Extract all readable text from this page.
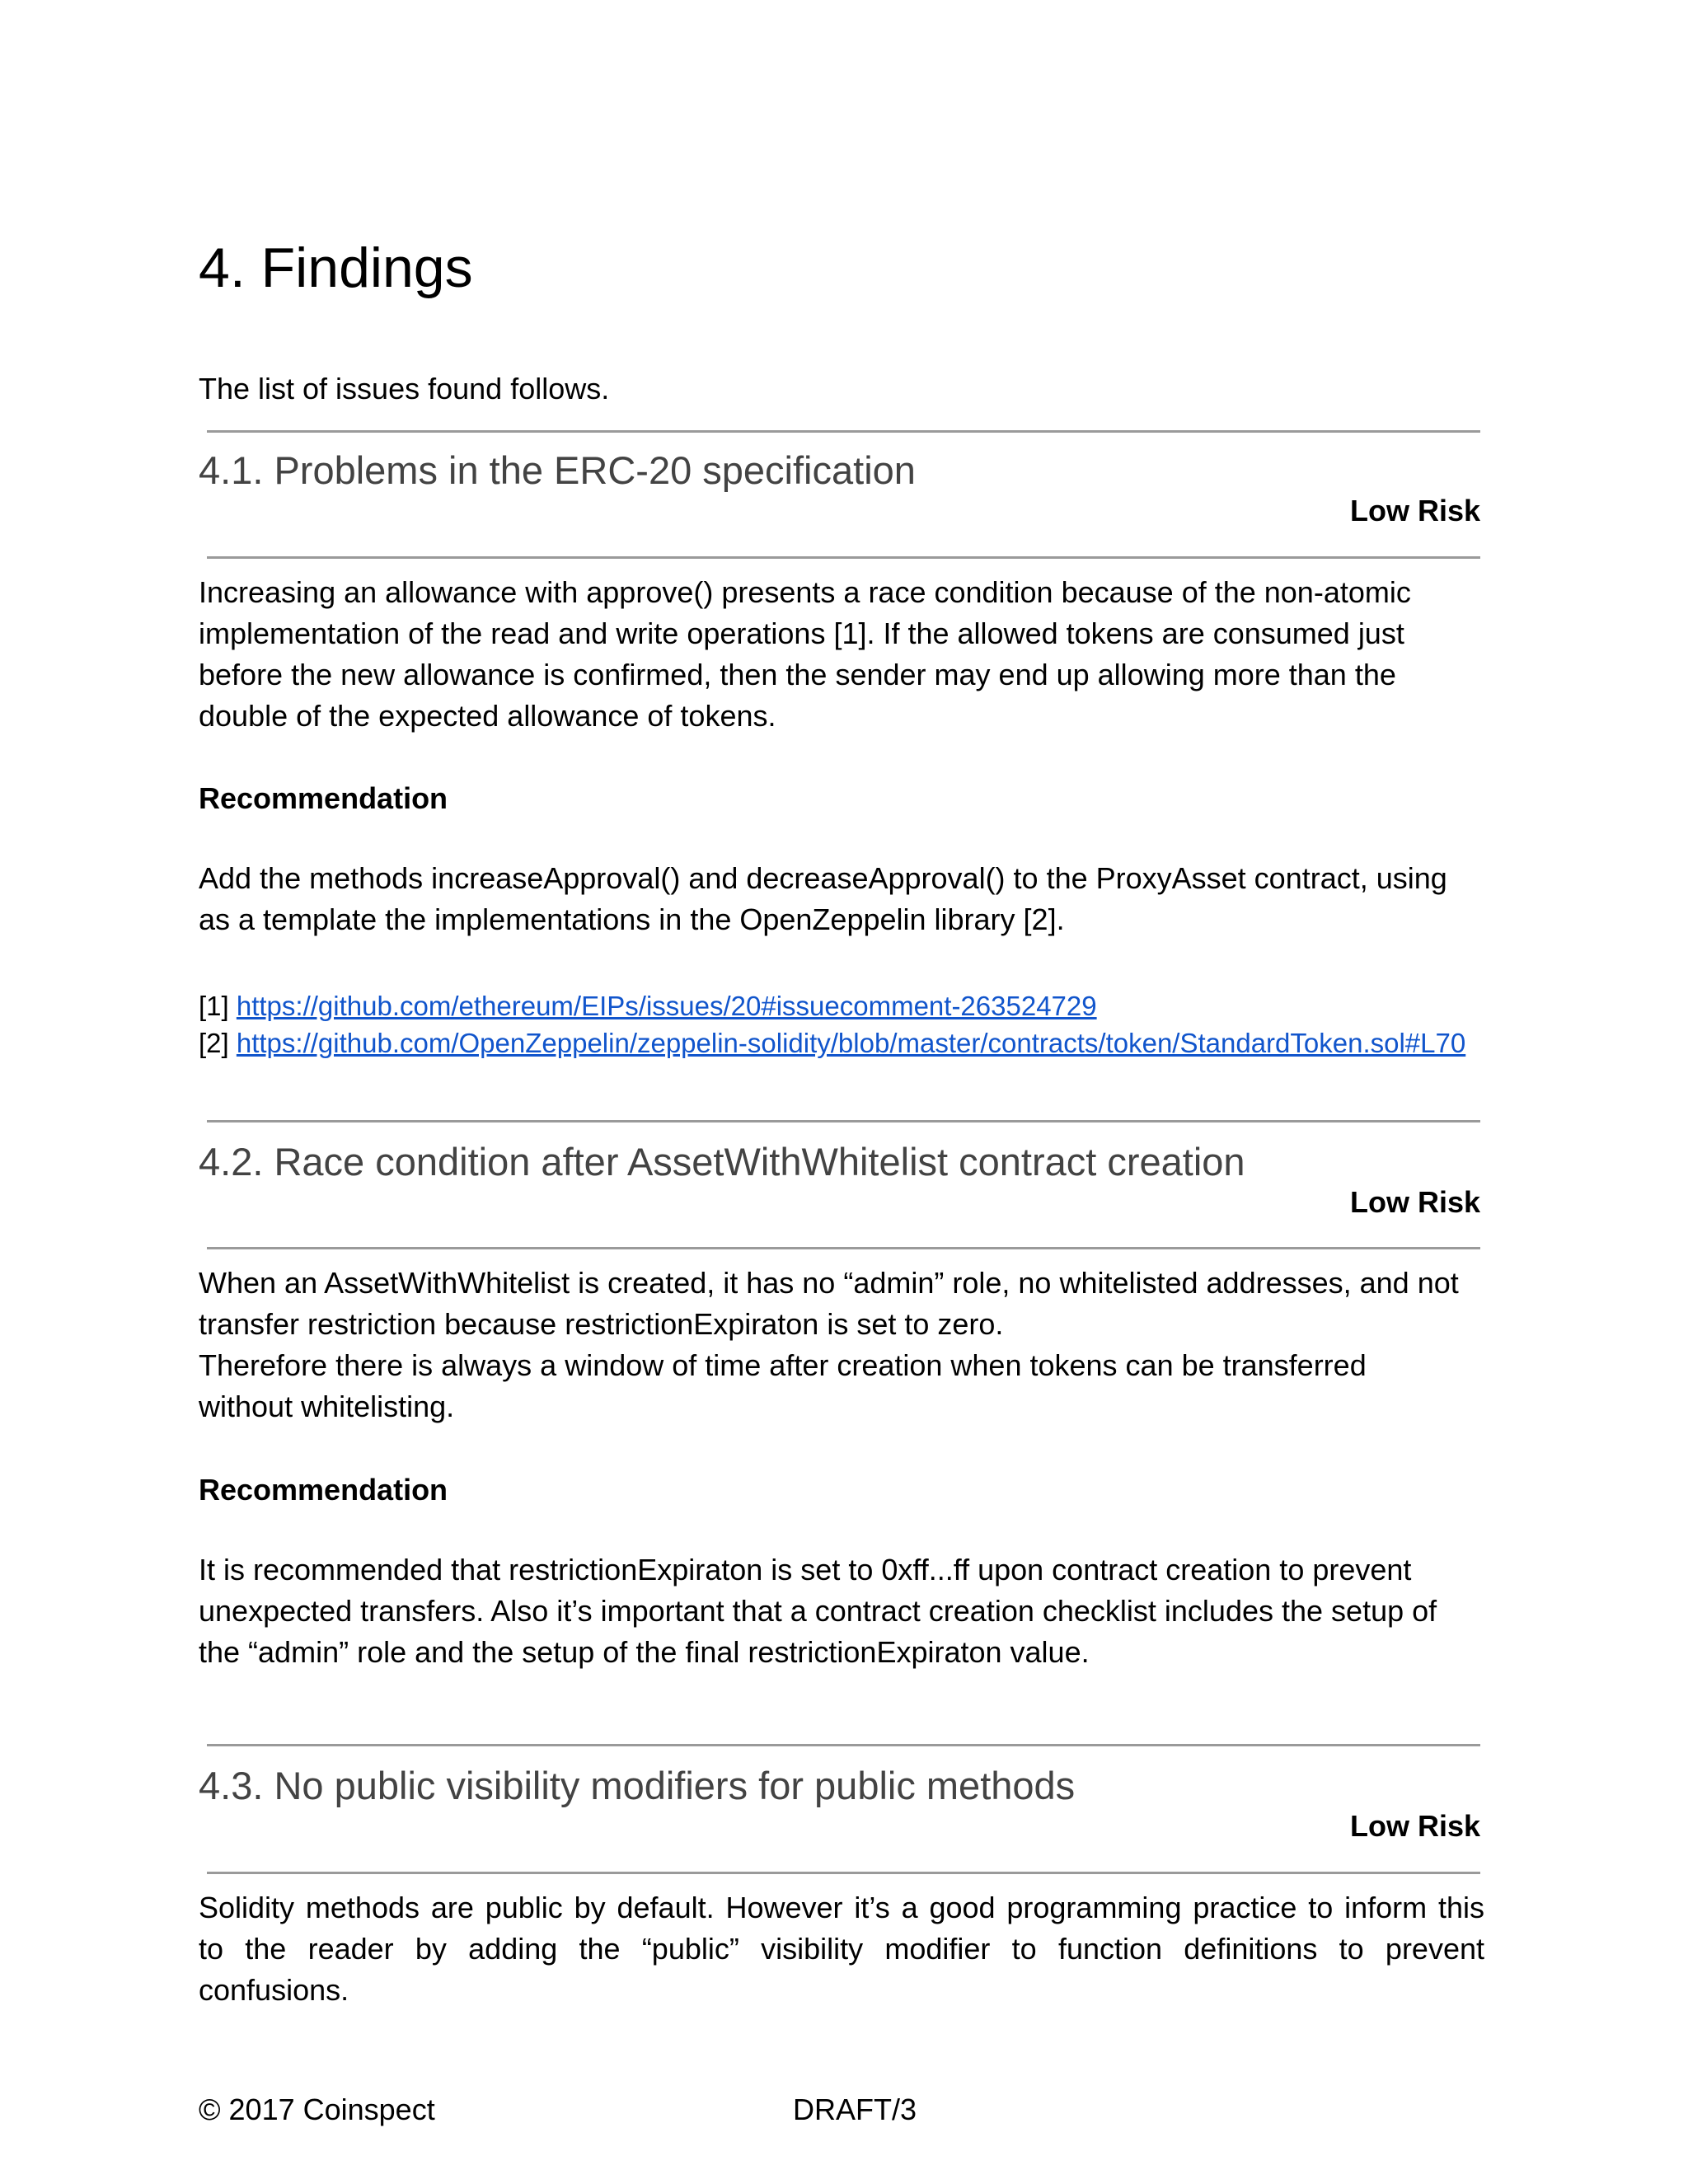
4. Findings
The list of issues found follows.
4.1. Problems in the ERC-20 specification
Low Risk
Increasing an allowance with approve() presents a race condition because of the non-atomic
implementation of the read and write operations [1]. If the allowed tokens are consumed just
before the new allowance is confirmed, then the sender may end up allowing more than the
double of the expected allowance of tokens.
Recommendation
Add the methods increaseApproval() and decreaseApproval() to the ProxyAsset contract, using
as a template the implementations in the OpenZeppelin library [2].
[1] https://github.com/ethereum/EIPs/issues/20#issuecomment-263524729
[2] https://github.com/OpenZeppelin/zeppelin-solidity/blob/master/contracts/token/StandardToken.sol#L70
4.2. Race condition after AssetWithWhitelist contract creation
Low Risk
When an AssetWithWhitelist is created, it has no “admin” role, no whitelisted addresses, and not
transfer restriction because restrictionExpiraton is set to zero.
Therefore there is always a window of time after creation when tokens can be transferred
without whitelisting.
Recommendation
It is recommended that restrictionExpiraton is set to 0xff...ff upon contract creation to prevent
unexpected transfers. Also it’s important that a contract creation checklist includes the setup of
the “admin” role and the setup of the final restrictionExpiraton value.
4.3. No public visibility modifiers for public methods
Low Risk
Solidity methods are public by default. However it’s a good programming practice to inform this
to the reader by adding the “public” visibility modifier to function definitions to prevent
confusions.
© 2017 Coinspect	DRAFT/3
